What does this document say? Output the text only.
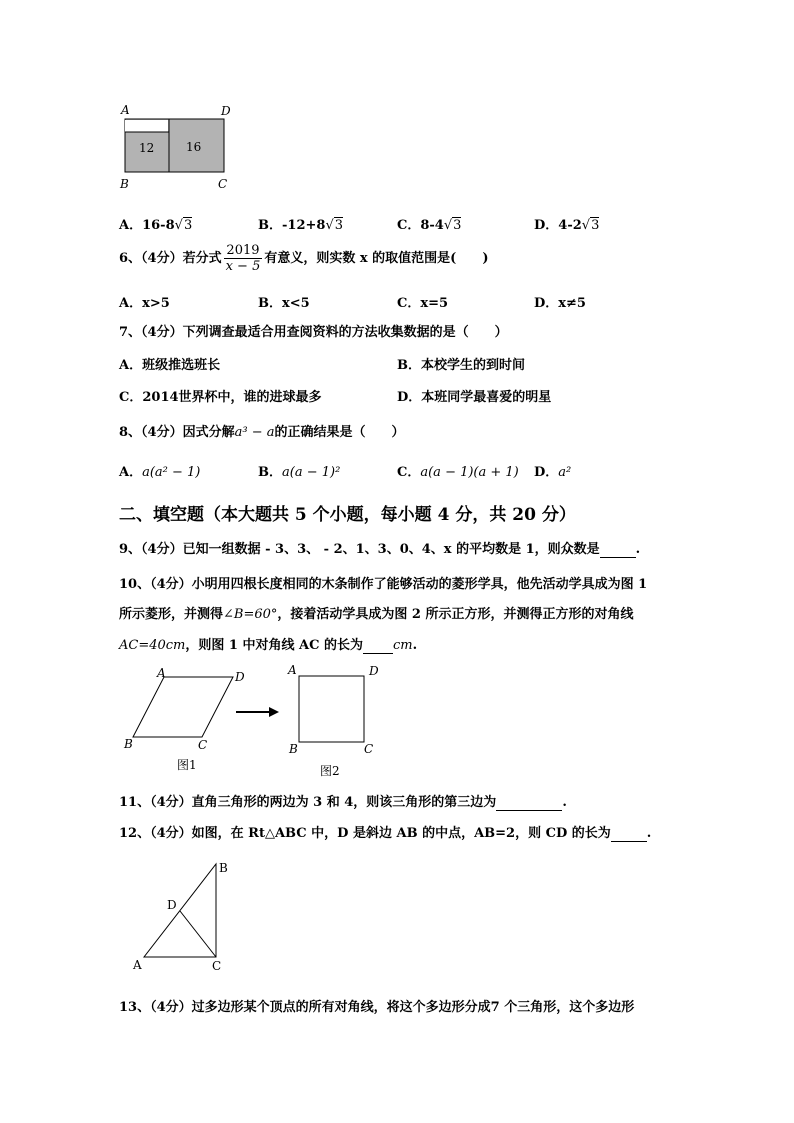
A	D
B	C
12	16
A．16-8√3	B．-12+8√3	C．8-4√3	D．4-2√3
6、（4分）若分式 $\frac{2019}{x - 5}$ 有意义，则实数 x 的取值范围是(　　)
A．x>5	B．x<5	C．x=5	D．x≠5
7、（4分）下列调查最适合用查阅资料的方法收集数据的是（　　）
A．班级推选班长	B．本校学生的到时间
C．2014世界杯中，谁的进球最多	D．本班同学最喜爱的明星
8、（4分）因式分解a³ − a的正确结果是（　　）
A．a(a² − 1)	B．a(a − 1)²	C．a(a − 1)(a + 1) D．a²
二、填空题（本大题共 5 个小题，每小题 4 分，共 20 分）
9、（4分）已知一组数据 - 3、3、 - 2、1、3、0、4、x 的平均数是 1，则众数是	.
10、（4分）小明用四根长度相同的木条制作了能够活动的菱形学具，他先活动学具成为图 1
所示菱形，并测得∠B=60°，接着活动学具成为图 2 所示正方形，并测得正方形的对角线
AC=40cm，则图 1 中对角线 AC 的长为 cm.
A	D
B	C
图1
A	D
B	C
图2
11、（4分）直角三角形的两边为 3 和 4，则该三角形的第三边为	.
12、（4分）如图，在 Rt△ABC 中，D 是斜边 AB 的中点，AB=2，则 CD 的长为	.
B
D
A	C
13、（4分）过多边形某个顶点的所有对角线，将这个多边形分成7 个三角形，这个多边形
